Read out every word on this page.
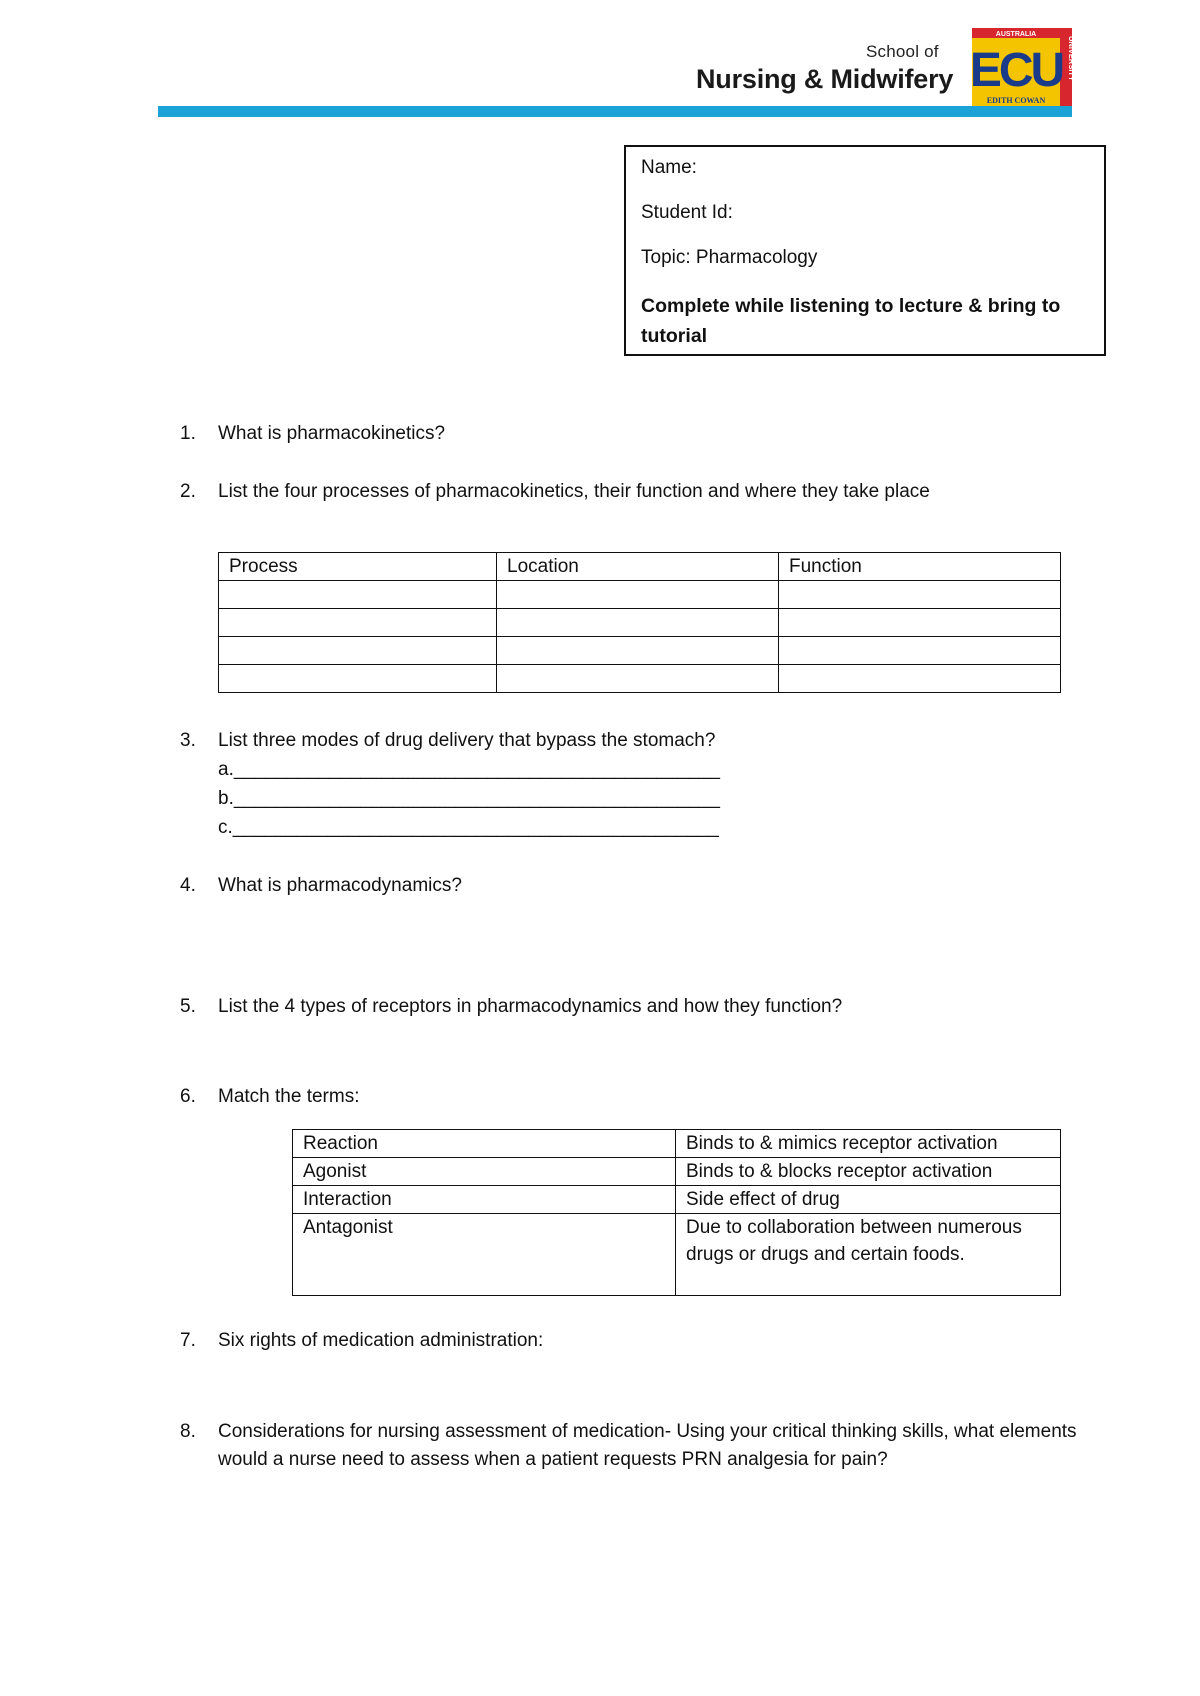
School of
Nursing & Midwifery
AUSTRALIA
ECU
EDITH COWAN
UNIVERSITY
Name:
Student Id:
Topic: Pharmacology
Complete while listening to lecture & bring to tutorial
1.	What is pharmacokinetics?
2.	List the four processes of pharmacokinetics, their function and where they take place
Process	Location	Function

3.	List three modes of drug delivery that bypass the stomach?
a.______________________________________________
b.______________________________________________
c.______________________________________________
4.	What is pharmacodynamics?
5.	List the 4 types of receptors in pharmacodynamics and how they function?
6.	Match the terms:
Reaction	Binds to & mimics receptor activation
Agonist	Binds to & blocks receptor activation
Interaction	Side effect of drug
Antagonist	Due to collaboration between numerous drugs or drugs and certain foods.
7.	Six rights of medication administration:
8.	Considerations for nursing assessment of medication- Using your critical thinking skills, what elements would a nurse need to assess when a patient requests PRN analgesia for pain?
